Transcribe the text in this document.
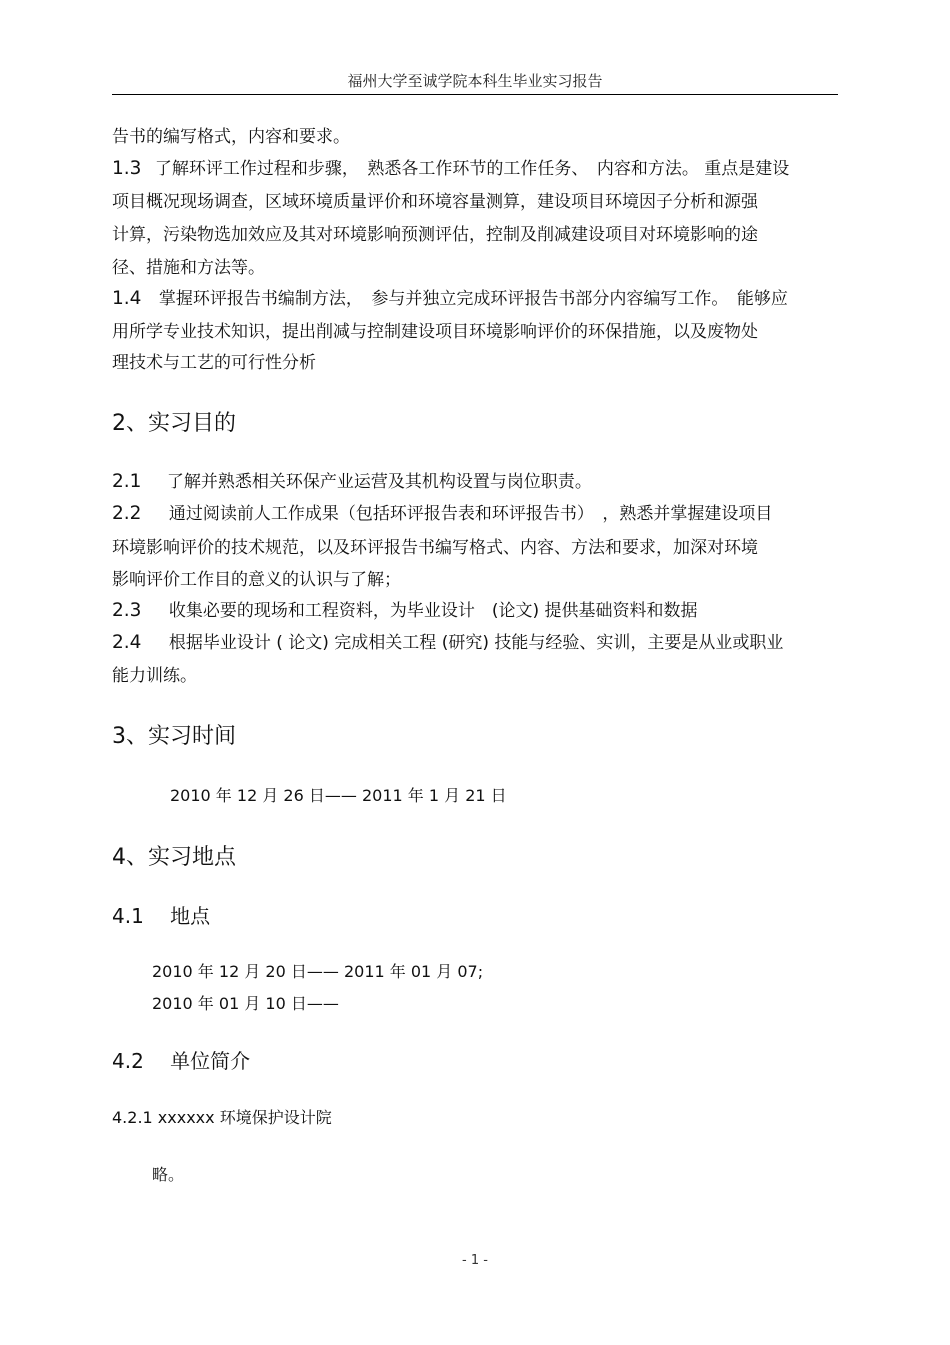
福州大学至诚学院本科生毕业实习报告
告书的编写格式，内容和要求。
1.3 了解环评工作过程和步骤，　熟悉各工作环节的工作任务、　内容和方法。 重点是建设
项目概况现场调查，区域环境质量评价和环境容量测算，建设项目环境因子分析和源强
计算，污染物选加效应及其对环境影响预测评估，控制及削减建设项目对环境影响的途
径、措施和方法等。
1.4 掌握环评报告书编制方法，　参与并独立完成环评报告书部分内容编写工作。　能够应
用所学专业技术知识，提出削减与控制建设项目环境影响评价的环保措施，以及废物处
理技术与工艺的可行性分析
2、实习目的
2.1 了解并熟悉相关环保产业运营及其机构设置与岗位职责。
2.2 通过阅读前人工作成果（包括环评报告表和环评报告书）　，熟悉并掌握建设项目
环境影响评价的技术规范，以及环评报告书编写格式、内容、方法和要求，加深对环境
影响评价工作目的意义的认识与了解；
2.3 收集必要的现场和工程资料，为毕业设计　(论文) 提供基础资料和数据
2.4 根据毕业设计 ( 论文) 完成相关工程 (研究) 技能与经验、实训，主要是从业或职业
能力训练。
3、实习时间
2010 年 12 月 26 日—— 2011 年 1 月 21 日
4、实习地点
4.1 地点
2010 年 12 月 20 日—— 2011 年 01 月 07;
2010 年 01 月 10 日——
4.2 单位简介
4.2.1 xxxxxx 环境保护设计院
略。
- 1 -
